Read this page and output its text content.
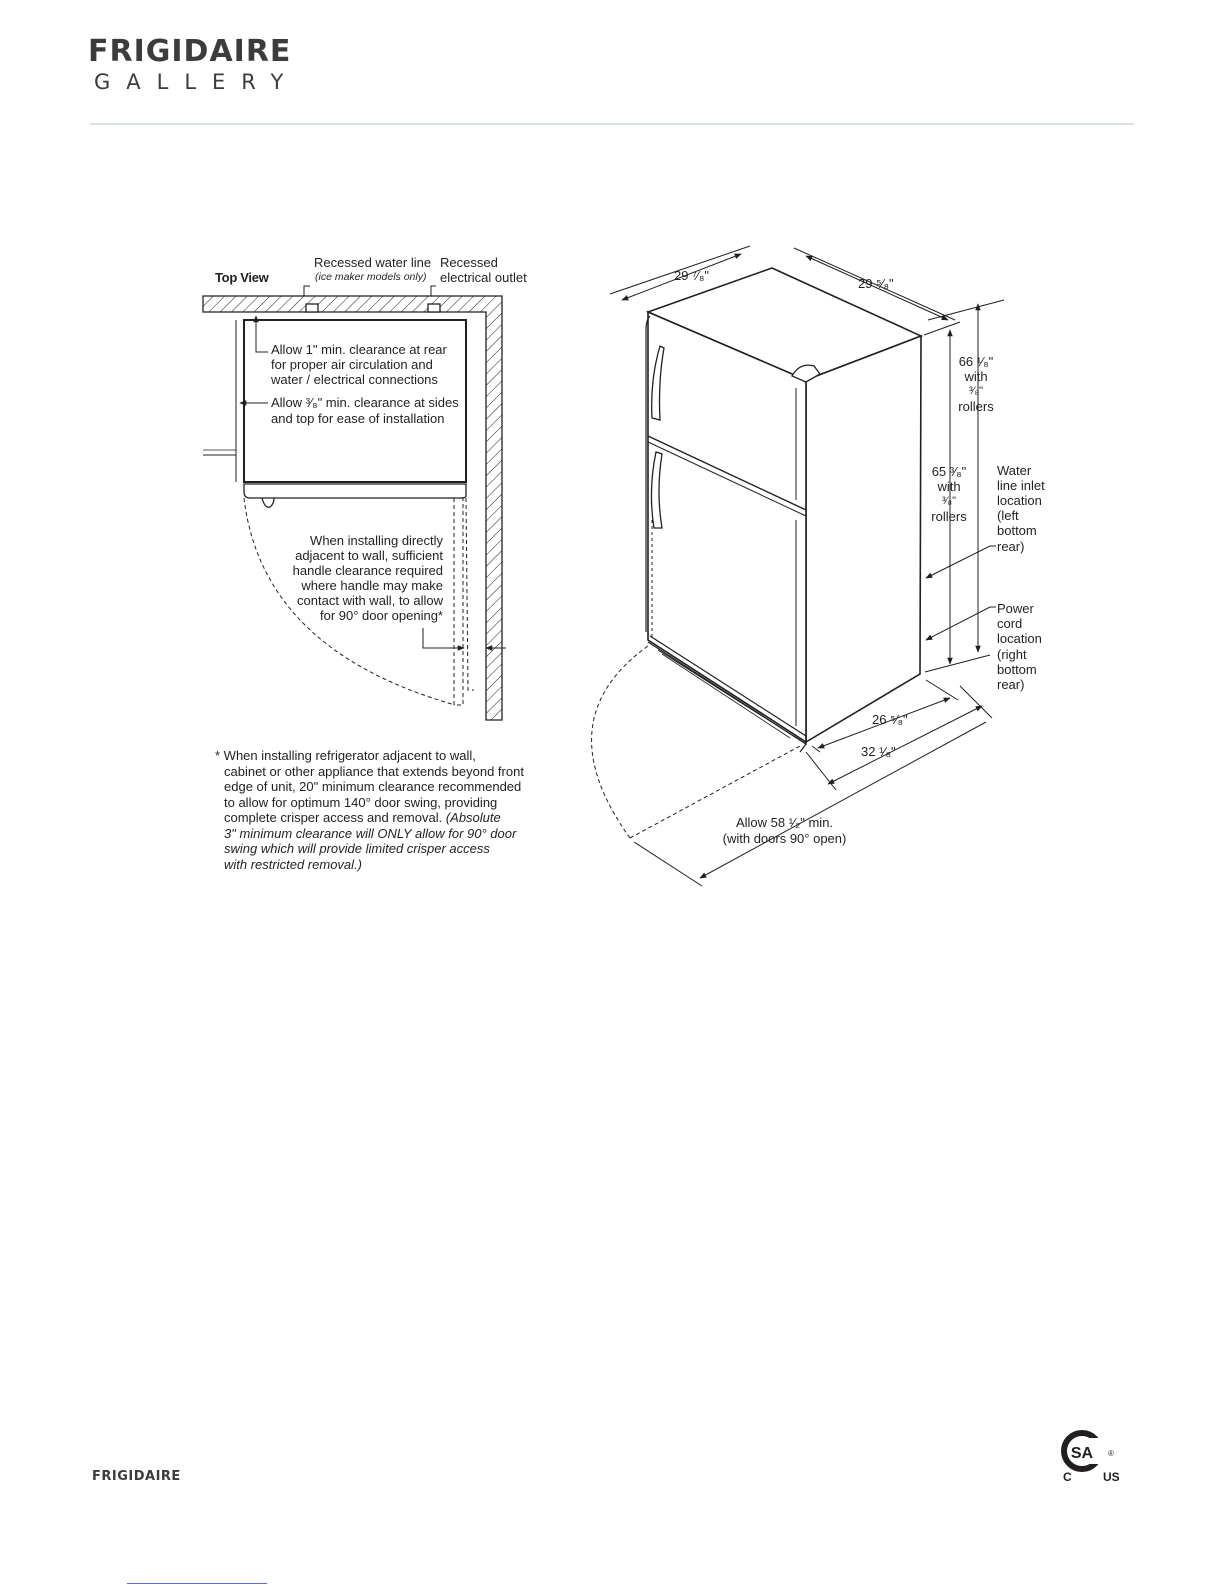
FRIGIDAIRE
GALLERY
SA ®
Top View
Recessed water line
(ice maker models only)
Recessed
electrical outlet
Allow 1" min. clearance at rear
for proper air circulation and
water / electrical connections
Allow ³⁄₈" min. clearance at sides
and top for ease of installation
When installing directly
adjacent to wall, sufficient
handle clearance required
where handle may make
contact with wall, to allow
for 90° door opening*
* When installing refrigerator adjacent to wall,
cabinet or other appliance that extends beyond front
edge of unit, 20" minimum clearance recommended
to allow for optimum 140° door swing, providing
complete crisper access and removal. (Absolute
3" minimum clearance will ONLY allow for 90° door
swing which will provide limited crisper access
with restricted removal.)
29 ⁷⁄₈"
29 ⁵⁄₈"
66 ¹⁄₈"
with
³⁄₈"
rollers
65 ³⁄₈"
with
³⁄₈"
rollers
Water
line inlet
location
(left
bottom
rear)
Power
cord
location
(right
bottom
rear)
26 ⁵⁄₈"
32 ¹⁄₈"
Allow 58 ¹⁄₂" min.
(with doors 90° open)
FRIGIDAIRE	C	US
